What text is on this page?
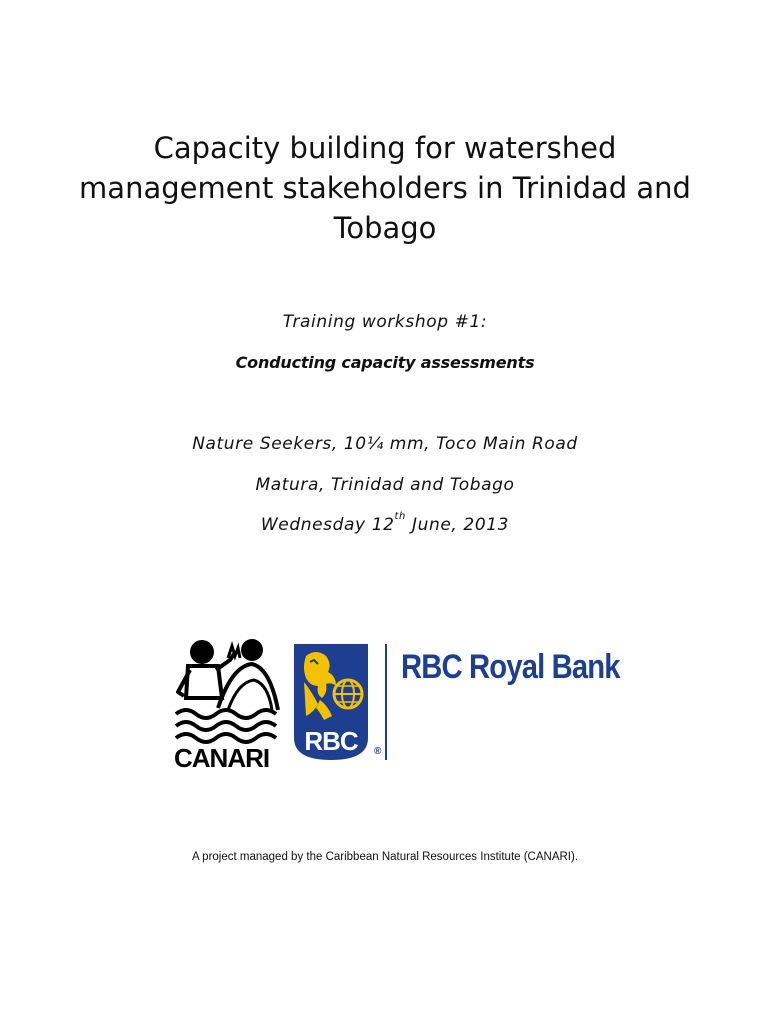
Capacity building for watershed
management stakeholders in Trinidad and
Tobago
Training workshop #1:
Conducting capacity assessments
Nature Seekers, 10¼ mm, Toco Main Road
Matura, Trinidad and Tobago
Wednesday 12th June, 2013
CANARI
RBC ®
RBC Royal Bank
A project managed by the Caribbean Natural Resources Institute (CANARI).
